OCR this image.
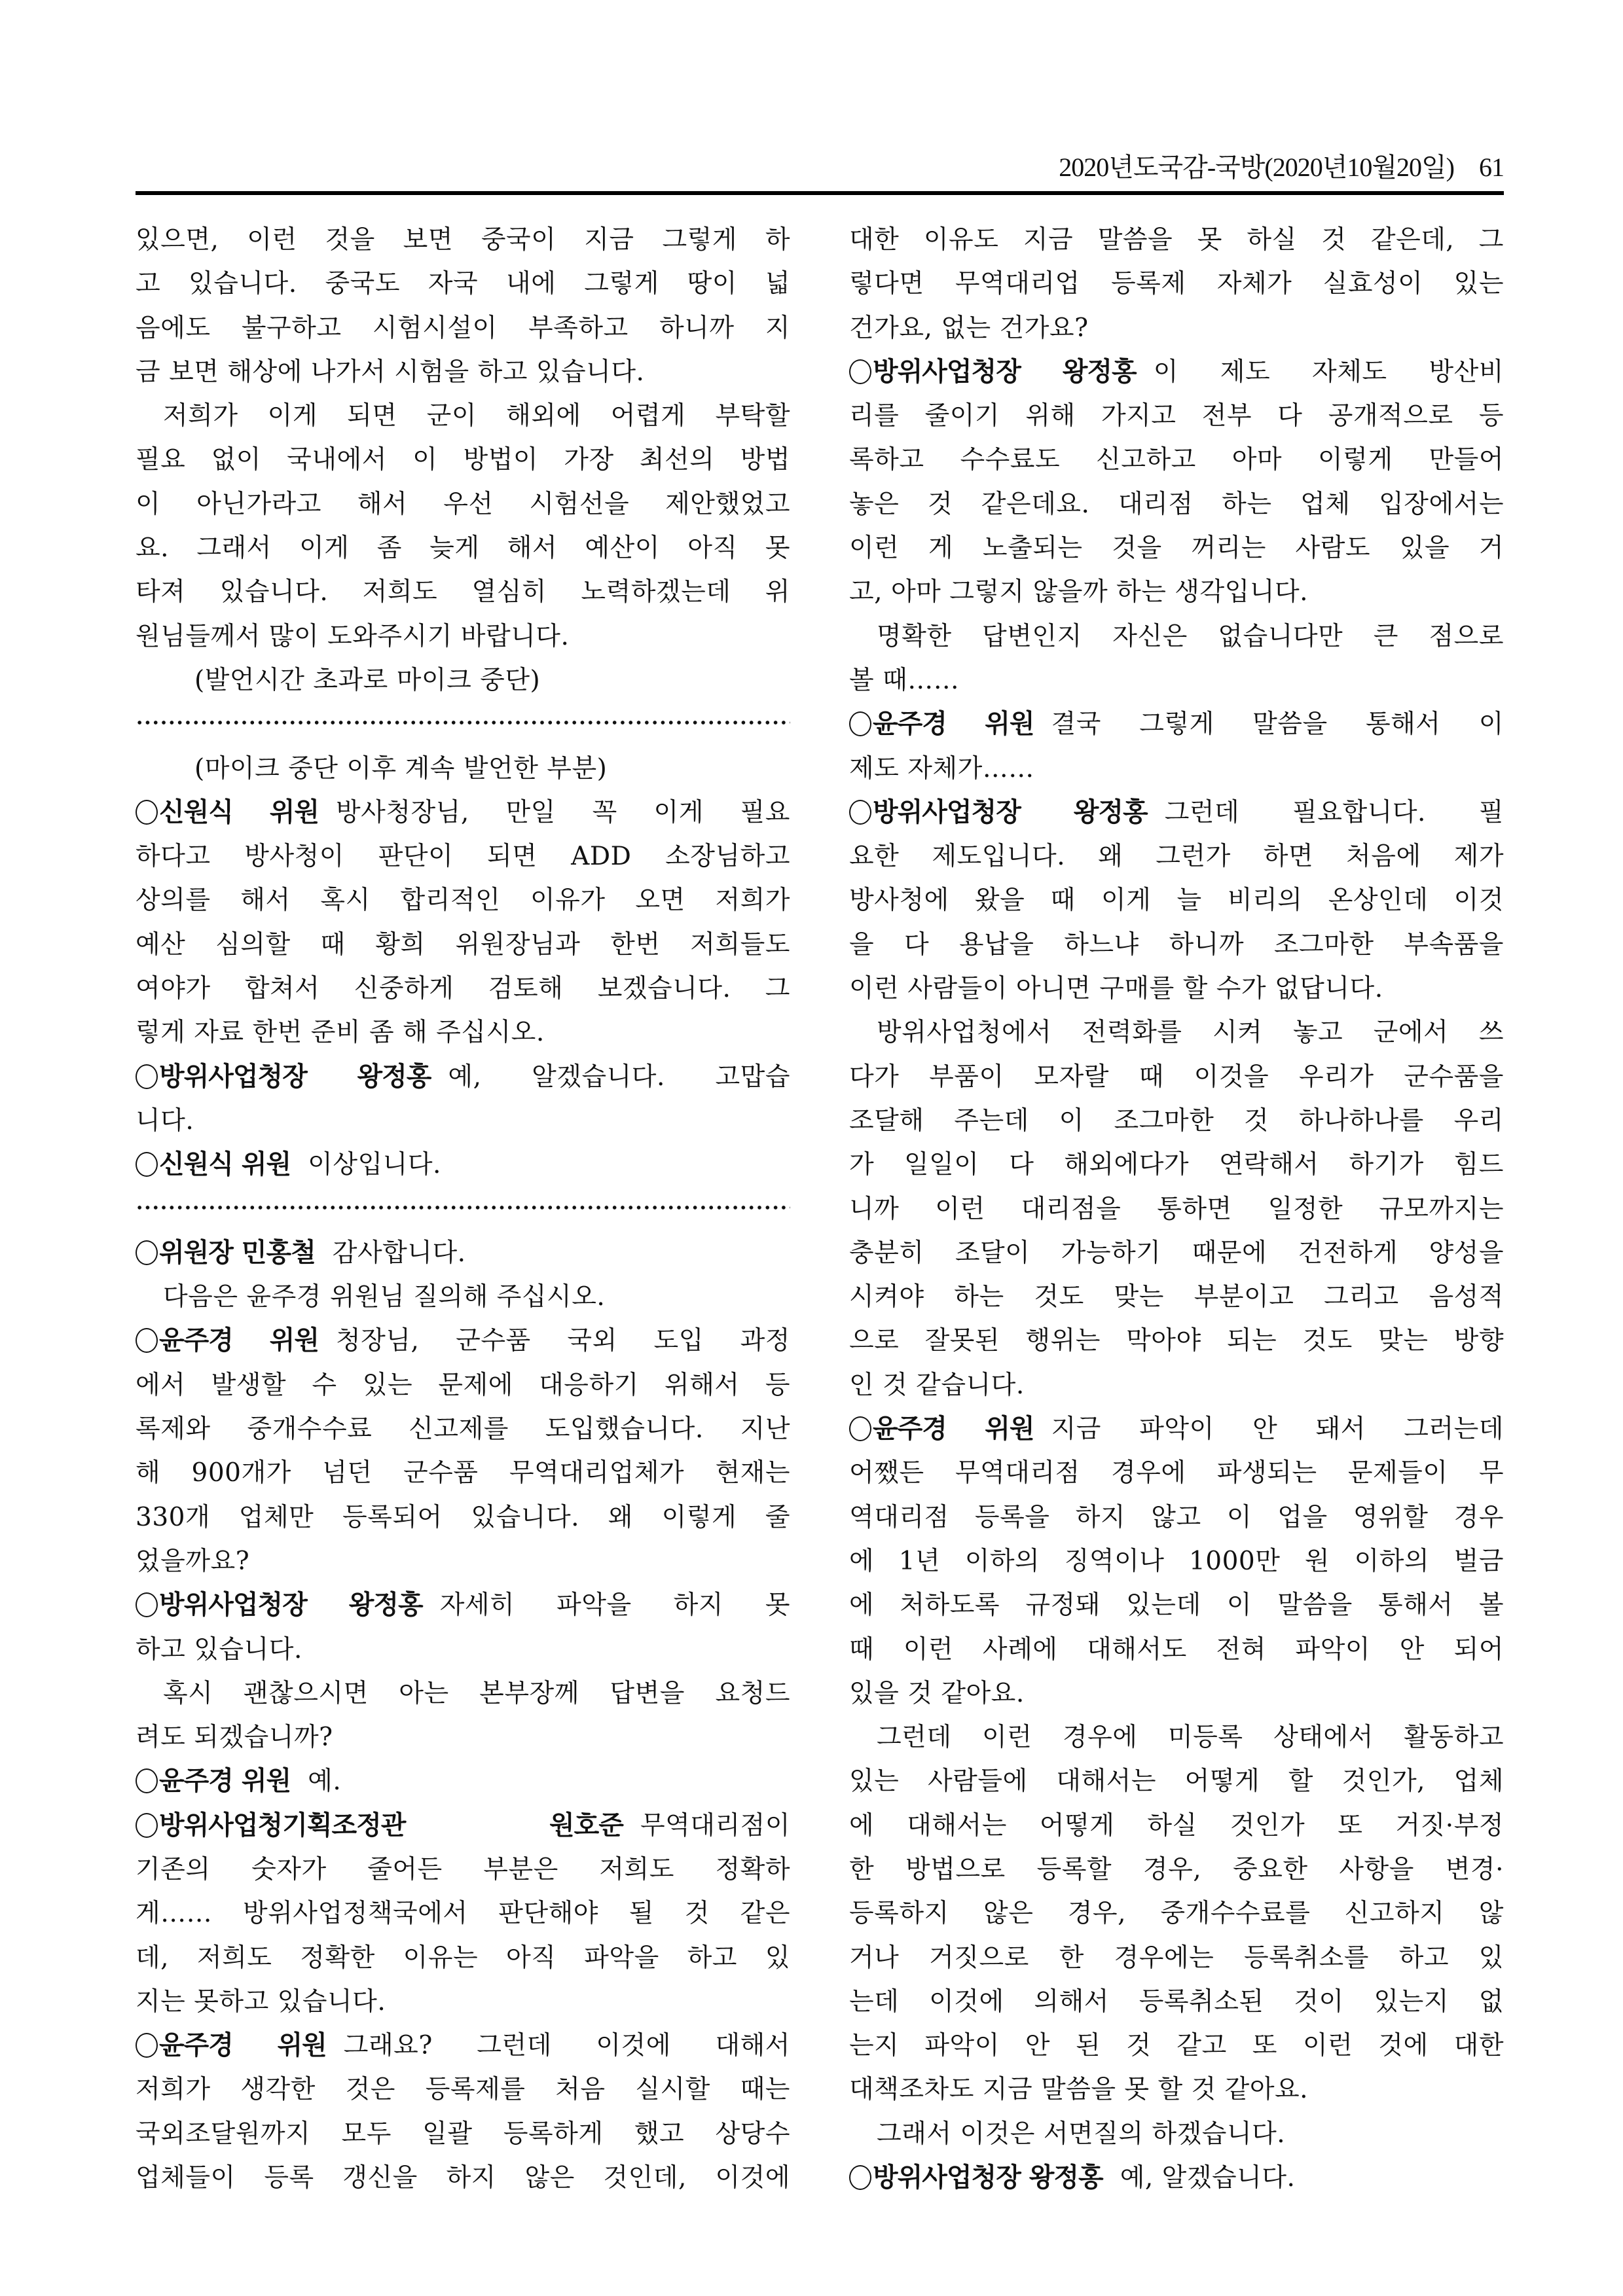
2020년도국감-국방(2020년10월20일) 61
있으면, 이런 것을 보면 중국이 지금 그렇게 하
고 있습니다. 중국도 자국 내에 그렇게 땅이 넓
음에도 불구하고 시험시설이 부족하고 하니까 지
금 보면 해상에 나가서 시험을 하고 있습니다.
저희가 이게 되면 군이 해외에 어렵게 부탁할
필요 없이 국내에서 이 방법이 가장 최선의 방법
이 아닌가라고 해서 우선 시험선을 제안했었고
요. 그래서 이게 좀 늦게 해서 예산이 아직 못
타져 있습니다. 저희도 열심히 노력하겠는데 위
원님들께서 많이 도와주시기 바랍니다.
(발언시간 초과로 마이크 중단)
(마이크 중단 이후 계속 발언한 부분)
신원식 위원 방사청장님, 만일 꼭 이게 필요
하다고 방사청이 판단이 되면 ADD 소장님하고
상의를 해서 혹시 합리적인 이유가 오면 저희가
예산 심의할 때 황희 위원장님과 한번 저희들도
여야가 합쳐서 신중하게 검토해 보겠습니다. 그
렇게 자료 한번 준비 좀 해 주십시오.
방위사업청장 왕정홍 예, 알겠습니다. 고맙습
니다.
신원식 위원 이상입니다.
위원장 민홍철 감사합니다.
다음은 윤주경 위원님 질의해 주십시오.
윤주경 위원 청장님, 군수품 국외 도입 과정
에서 발생할 수 있는 문제에 대응하기 위해서 등
록제와 중개수수료 신고제를 도입했습니다. 지난
해 900개가 넘던 군수품 무역대리업체가 현재는
330개 업체만 등록되어 있습니다. 왜 이렇게 줄
었을까요?
방위사업청장 왕정홍 자세히 파악을 하지 못
하고 있습니다.
혹시 괜찮으시면 아는 본부장께 답변을 요청드
려도 되겠습니까?
윤주경 위원 예.
방위사업청기획조정관 원호준 무역대리점이
기존의 숫자가 줄어든 부분은 저희도 정확하
게…… 방위사업정책국에서 판단해야 될 것 같은
데, 저희도 정확한 이유는 아직 파악을 하고 있
지는 못하고 있습니다.
윤주경 위원 그래요? 그런데 이것에 대해서
저희가 생각한 것은 등록제를 처음 실시할 때는
국외조달원까지 모두 일괄 등록하게 했고 상당수
업체들이 등록 갱신을 하지 않은 것인데, 이것에
대한 이유도 지금 말씀을 못 하실 것 같은데, 그
렇다면 무역대리업 등록제 자체가 실효성이 있는
건가요, 없는 건가요?
방위사업청장 왕정홍 이 제도 자체도 방산비
리를 줄이기 위해 가지고 전부 다 공개적으로 등
록하고 수수료도 신고하고 아마 이렇게 만들어
놓은 것 같은데요. 대리점 하는 업체 입장에서는
이런 게 노출되는 것을 꺼리는 사람도 있을 거
고, 아마 그렇지 않을까 하는 생각입니다.
명확한 답변인지 자신은 없습니다만 큰 점으로
볼 때……
윤주경 위원 결국 그렇게 말씀을 통해서 이
제도 자체가……
방위사업청장 왕정홍 그런데 필요합니다. 필
요한 제도입니다. 왜 그런가 하면 처음에 제가
방사청에 왔을 때 이게 늘 비리의 온상인데 이것
을 다 용납을 하느냐 하니까 조그마한 부속품을
이런 사람들이 아니면 구매를 할 수가 없답니다.
방위사업청에서 전력화를 시켜 놓고 군에서 쓰
다가 부품이 모자랄 때 이것을 우리가 군수품을
조달해 주는데 이 조그마한 것 하나하나를 우리
가 일일이 다 해외에다가 연락해서 하기가 힘드
니까 이런 대리점을 통하면 일정한 규모까지는
충분히 조달이 가능하기 때문에 건전하게 양성을
시켜야 하는 것도 맞는 부분이고 그리고 음성적
으로 잘못된 행위는 막아야 되는 것도 맞는 방향
인 것 같습니다.
윤주경 위원 지금 파악이 안 돼서 그러는데
어쨌든 무역대리점 경우에 파생되는 문제들이 무
역대리점 등록을 하지 않고 이 업을 영위할 경우
에 1년 이하의 징역이나 1000만 원 이하의 벌금
에 처하도록 규정돼 있는데 이 말씀을 통해서 볼
때 이런 사례에 대해서도 전혀 파악이 안 되어
있을 것 같아요.
그런데 이런 경우에 미등록 상태에서 활동하고
있는 사람들에 대해서는 어떻게 할 것인가, 업체
에 대해서는 어떻게 하실 것인가 또 거짓·부정
한 방법으로 등록할 경우, 중요한 사항을 변경·
등록하지 않은 경우, 중개수수료를 신고하지 않
거나 거짓으로 한 경우에는 등록취소를 하고 있
는데 이것에 의해서 등록취소된 것이 있는지 없
는지 파악이 안 된 것 같고 또 이런 것에 대한
대책조차도 지금 말씀을 못 할 것 같아요.
그래서 이것은 서면질의 하겠습니다.
방위사업청장 왕정홍 예, 알겠습니다.
